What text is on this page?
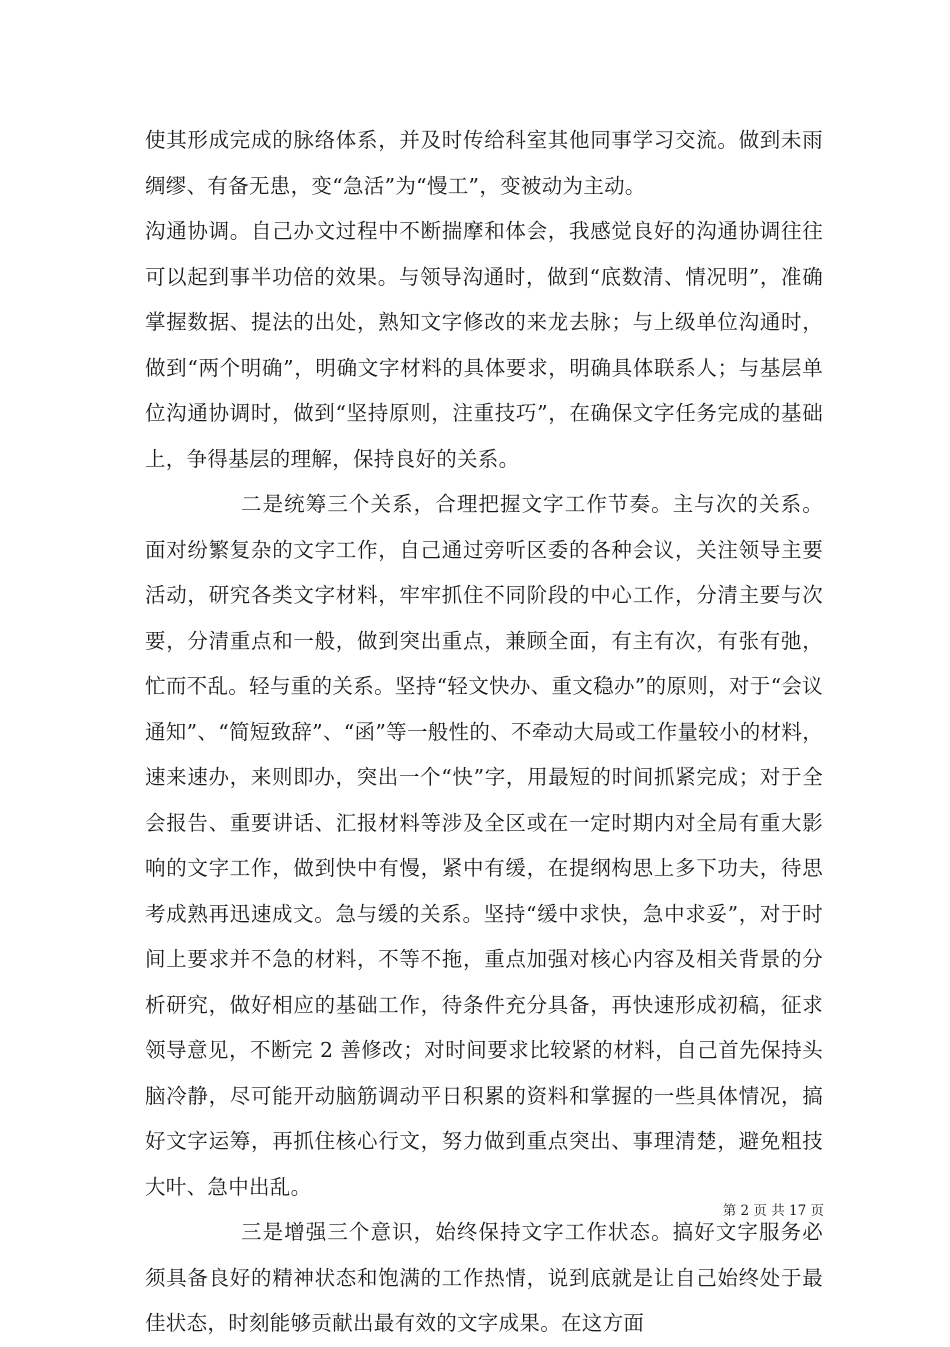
使其形成完成的脉络体系，并及时传给科室其他同事学习交流。做到未雨绸缪、有备无患，变“急活”为“慢工”，变被动为主动。

沟通协调。自己办文过程中不断揣摩和体会，我感觉良好的沟通协调往往可以起到事半功倍的效果。与领导沟通时，做到“底数清、情况明”，准确掌握数据、提法的出处，熟知文字修改的来龙去脉；与上级单位沟通时，做到“两个明确”，明确文字材料的具体要求，明确具体联系人；与基层单位沟通协调时，做到“坚持原则，注重技巧”，在确保文字任务完成的基础上，争得基层的理解，保持良好的关系。

二是统筹三个关系，合理把握文字工作节奏。主与次的关系。面对纷繁复杂的文字工作，自己通过旁听区委的各种会议，关注领导主要活动，研究各类文字材料，牢牢抓住不同阶段的中心工作，分清主要与次要，分清重点和一般，做到突出重点，兼顾全面，有主有次，有张有弛，忙而不乱。轻与重的关系。坚持“轻文快办、重文稳办”的原则，对于“会议通知”、“简短致辞”、“函”等一般性的、不牵动大局或工作量较小的材料，速来速办，来则即办，突出一个“快”字，用最短的时间抓紧完成；对于全会报告、重要讲话、汇报材料等涉及全区或在一定时期内对全局有重大影响的文字工作，做到快中有慢，紧中有缓，在提纲构思上多下功夫，待思考成熟再迅速成文。急与缓的关系。坚持“缓中求快，急中求妥”，对于时间上要求并不急的材料，不等不拖，重点加强对核心内容及相关背景的分析研究，做好相应的基础工作，待条件充分具备，再快速形成初稿，征求领导意见，不断完 2 善修改；对时间要求比较紧的材料，自己首先保持头脑冷静，尽可能开动脑筋调动平日积累的资料和掌握的一些具体情况，搞好文字运筹，再抓住核心行文，努力做到重点突出、事理清楚，避免粗技大叶、急中出乱。

三是增强三个意识，始终保持文字工作状态。搞好文字服务必须具备良好的精神状态和饱满的工作热情，说到底就是让自己始终处于最佳状态，时刻能够贡献出最有效的文字成果。在这方面

第 2 页 共 17 页
